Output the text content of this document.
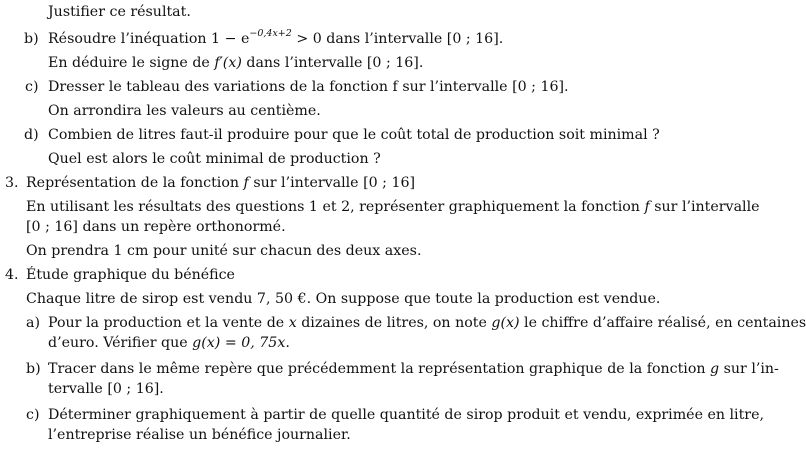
Justifier ce résultat.
b) Résoudre l’inéquation $1 - e^{-0,4x+2} > 0$ dans l’intervalle [0 ; 16].
En déduire le signe de f′(x) dans l’intervalle [0 ; 16].
c) Dresser le tableau des variations de la fonction f sur l’intervalle [0 ; 16].
On arrondira les valeurs au centième.
d) Combien de litres faut-il produire pour que le coût total de production soit minimal ?
Quel est alors le coût minimal de production ?
3. Représentation de la fonction f sur l’intervalle [0 ; 16]
En utilisant les résultats des questions 1 et 2, représenter graphiquement la fonction f sur l’intervalle
[0 ; 16] dans un repère orthonormé.
On prendra 1 cm pour unité sur chacun des deux axes.
4. Étude graphique du bénéfice
Chaque litre de sirop est vendu 7, 50 €. On suppose que toute la production est vendue.
a) Pour la production et la vente de x dizaines de litres, on note g(x) le chiffre d’affaire réalisé, en centaines
d’euro. Vérifier que g(x) = 0, 75x.
b) Tracer dans le même repère que précédemment la représentation graphique de la fonction g sur l’in-
tervalle [0 ; 16].
c) Déterminer graphiquement à partir de quelle quantité de sirop produit et vendu, exprimée en litre,
l’entreprise réalise un bénéfice journalier.
